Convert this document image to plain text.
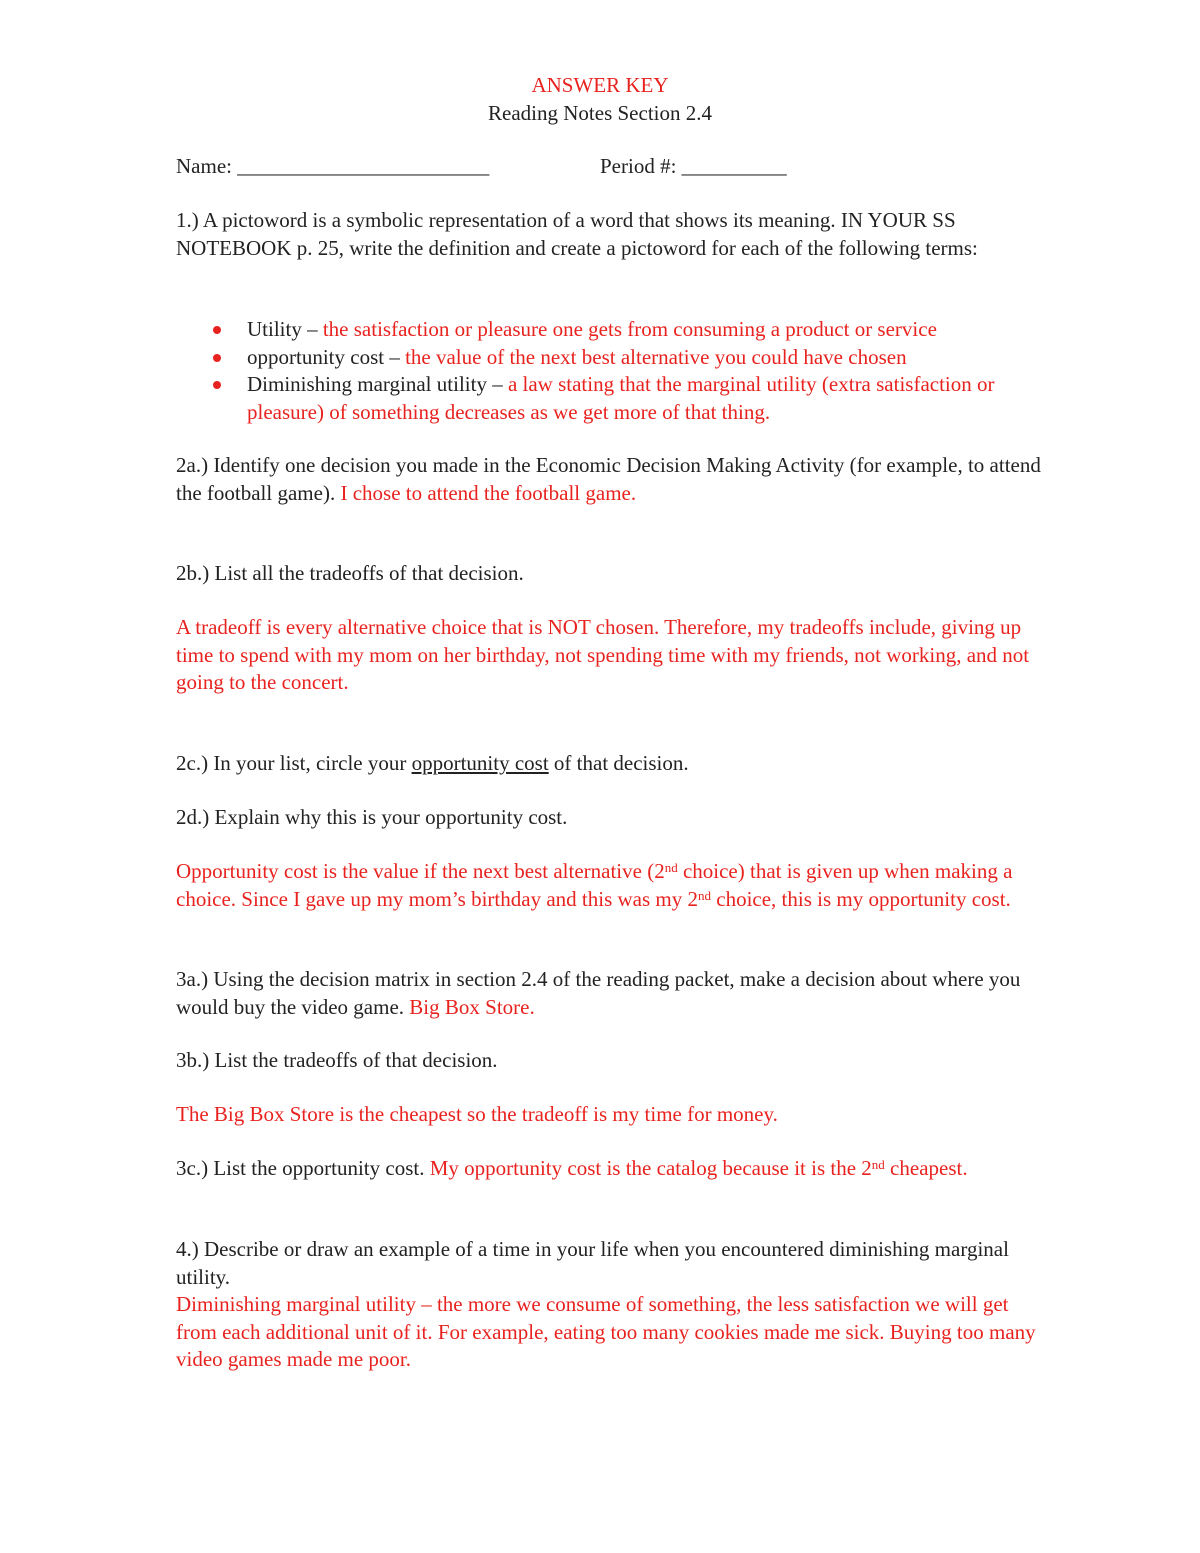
ANSWER KEY
Reading Notes Section 2.4
Name: ________________________	Period #: __________
1.) A pictoword is a symbolic representation of a word that shows its meaning. IN YOUR SS NOTEBOOK p. 25, write the definition and create a pictoword for each of the following terms:
Utility – the satisfaction or pleasure one gets from consuming a product or service
opportunity cost – the value of the next best alternative you could have chosen
Diminishing marginal utility – a law stating that the marginal utility (extra satisfaction or pleasure) of something decreases as we get more of that thing.
2a.) Identify one decision you made in the Economic Decision Making Activity (for example, to attend the football game). I chose to attend the football game.
2b.) List all the tradeoffs of that decision.
A tradeoff is every alternative choice that is NOT chosen. Therefore, my tradeoffs include, giving up time to spend with my mom on her birthday, not spending time with my friends, not working, and not going to the concert.
2c.) In your list, circle your opportunity cost of that decision.
2d.) Explain why this is your opportunity cost.
Opportunity cost is the value if the next best alternative (2nd choice) that is given up when making a choice. Since I gave up my mom’s birthday and this was my 2nd choice, this is my opportunity cost.
3a.) Using the decision matrix in section 2.4 of the reading packet, make a decision about where you would buy the video game. Big Box Store.
3b.) List the tradeoffs of that decision.
The Big Box Store is the cheapest so the tradeoff is my time for money.
3c.) List the opportunity cost. My opportunity cost is the catalog because it is the 2nd cheapest.
4.) Describe or draw an example of a time in your life when you encountered diminishing marginal utility.
Diminishing marginal utility – the more we consume of something, the less satisfaction we will get from each additional unit of it. For example, eating too many cookies made me sick. Buying too many video games made me poor.
